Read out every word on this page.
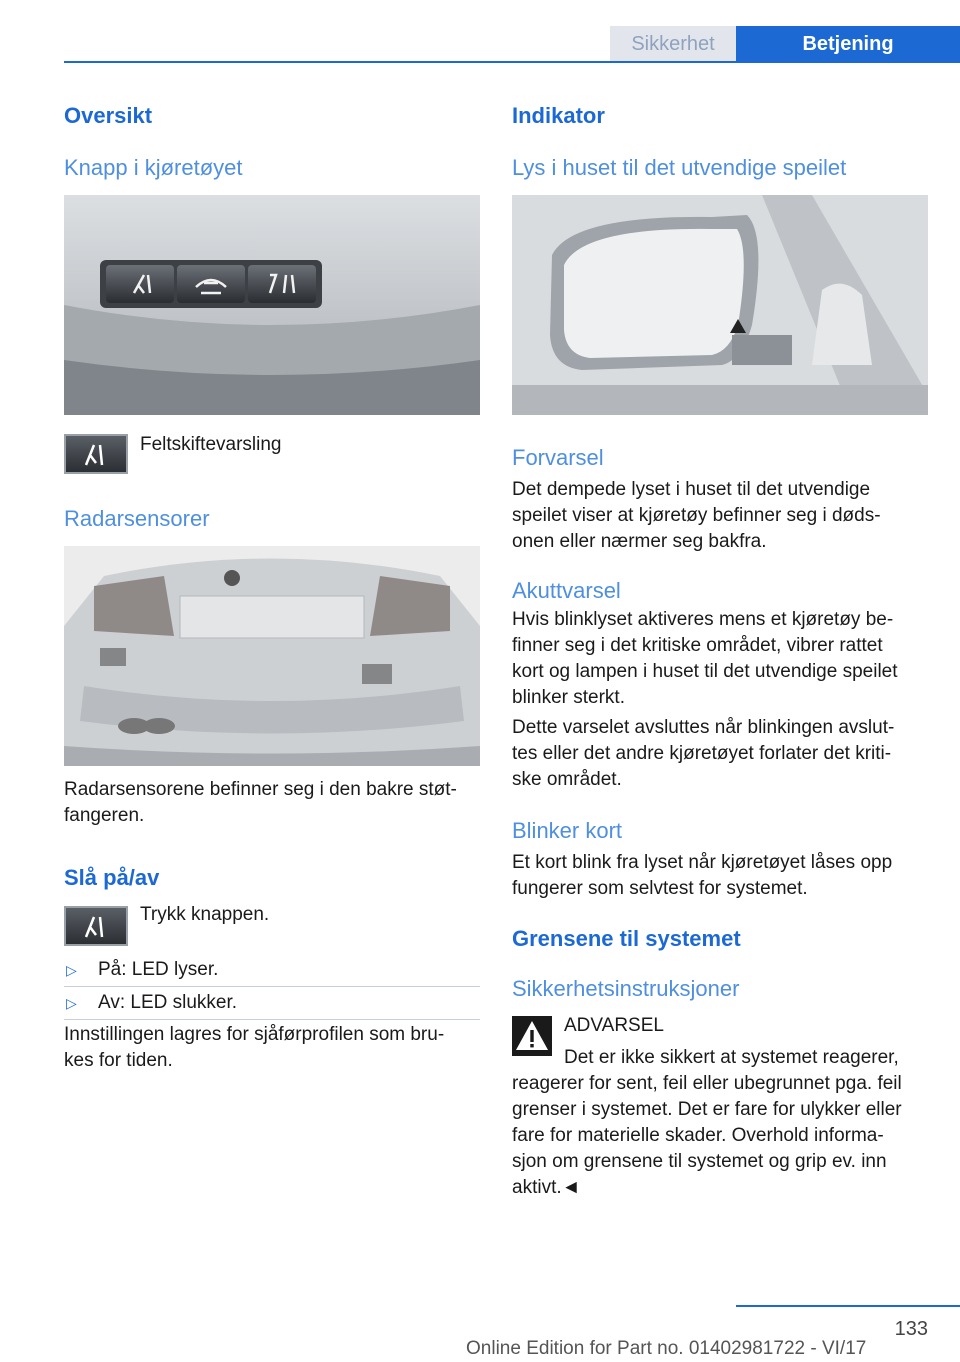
Sikkerhet	Betjening
Oversikt
Knapp i kjøretøyet
Feltskiftevarsling
Radarsensorer
Radarsensorene befinner seg i den bakre støt-
fangeren.
Slå på/av
Trykk knappen.
▷ På: LED lyser.
▷ Av: LED slukker.
Innstillingen lagres for sjåførprofilen som bru-
kes for tiden.
Indikator
Lys i huset til det utvendige speilet
Forvarsel
Det dempede lyset i huset til det utvendige
speilet viser at kjøretøy befinner seg i døds-
onen eller nærmer seg bakfra.
Akuttvarsel
Hvis blinklyset aktiveres mens et kjøretøy be-
finner seg i det kritiske området, vibrer rattet
kort og lampen i huset til det utvendige speilet
blinker sterkt.
Dette varselet avsluttes når blinkingen avslut-
tes eller det andre kjøretøyet forlater det kriti-
ske området.
Blinker kort
Et kort blink fra lyset når kjøretøyet låses opp
fungerer som selvtest for systemet.
Grensene til systemet
Sikkerhetsinstruksjoner
ADVARSEL
Det er ikke sikkert at systemet reagerer,
reagerer for sent, feil eller ubegrunnet pga. feil
grenser i systemet. Det er fare for ulykker eller
fare for materielle skader. Overhold informa-
sjon om grensene til systemet og grip ev. inn
aktivt.◄
133
Online Edition for Part no. 01402981722 - VI/17
